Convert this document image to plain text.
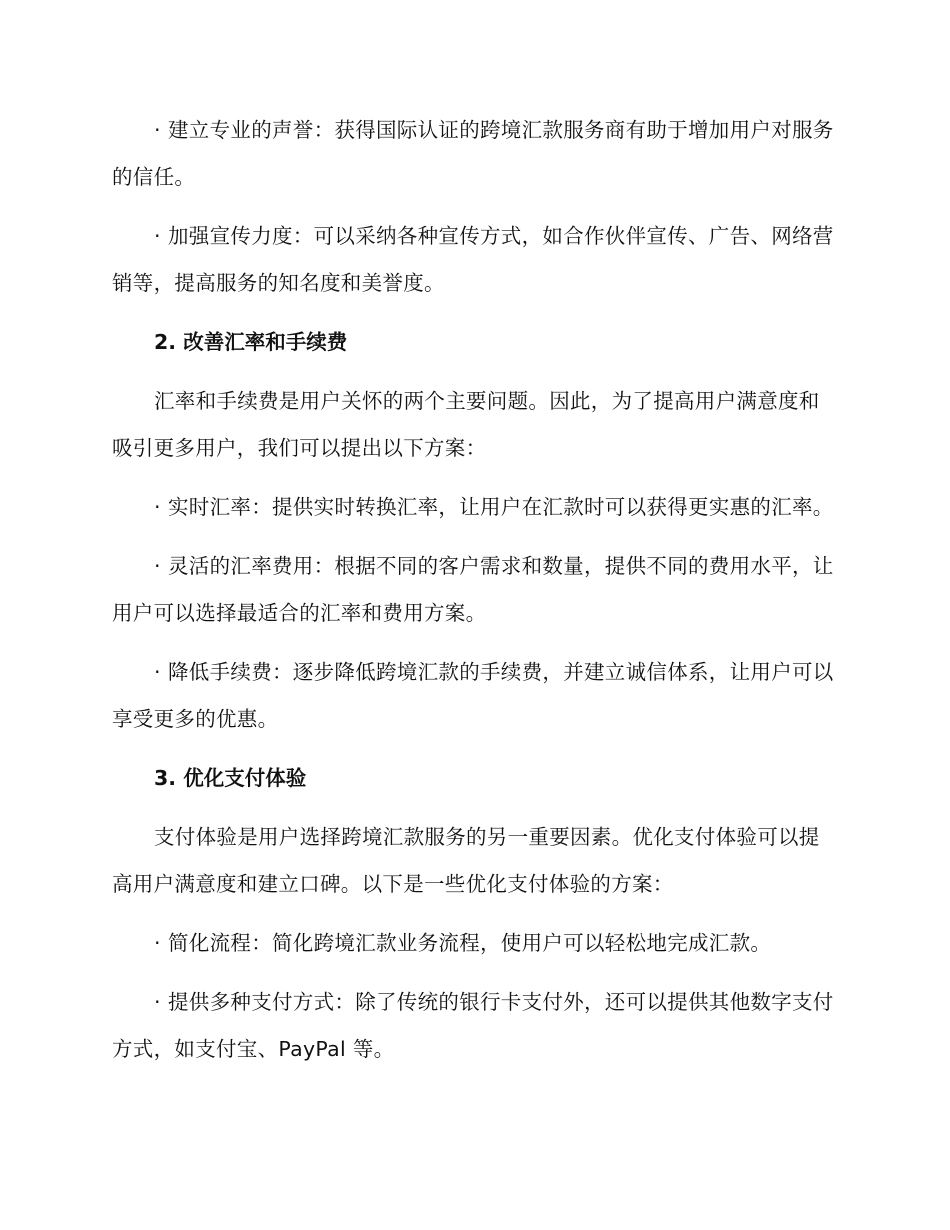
· 建立专业的声誉：获得国际认证的跨境汇款服务商有助于增加用户对服务的信任。

· 加强宣传力度：可以采纳各种宣传方式，如合作伙伴宣传、广告、网络营销等，提高服务的知名度和美誉度。

2. 改善汇率和手续费

汇率和手续费是用户关怀的两个主要问题。因此，为了提高用户满意度和吸引更多用户，我们可以提出以下方案：

· 实时汇率：提供实时转换汇率，让用户在汇款时可以获得更实惠的汇率。

· 灵活的汇率费用：根据不同的客户需求和数量，提供不同的费用水平，让用户可以选择最适合的汇率和费用方案。

· 降低手续费：逐步降低跨境汇款的手续费，并建立诚信体系，让用户可以享受更多的优惠。

3. 优化支付体验

支付体验是用户选择跨境汇款服务的另一重要因素。优化支付体验可以提高用户满意度和建立口碑。以下是一些优化支付体验的方案：

· 简化流程：简化跨境汇款业务流程，使用户可以轻松地完成汇款。

· 提供多种支付方式：除了传统的银行卡支付外，还可以提供其他数字支付方式，如支付宝、PayPal 等。
